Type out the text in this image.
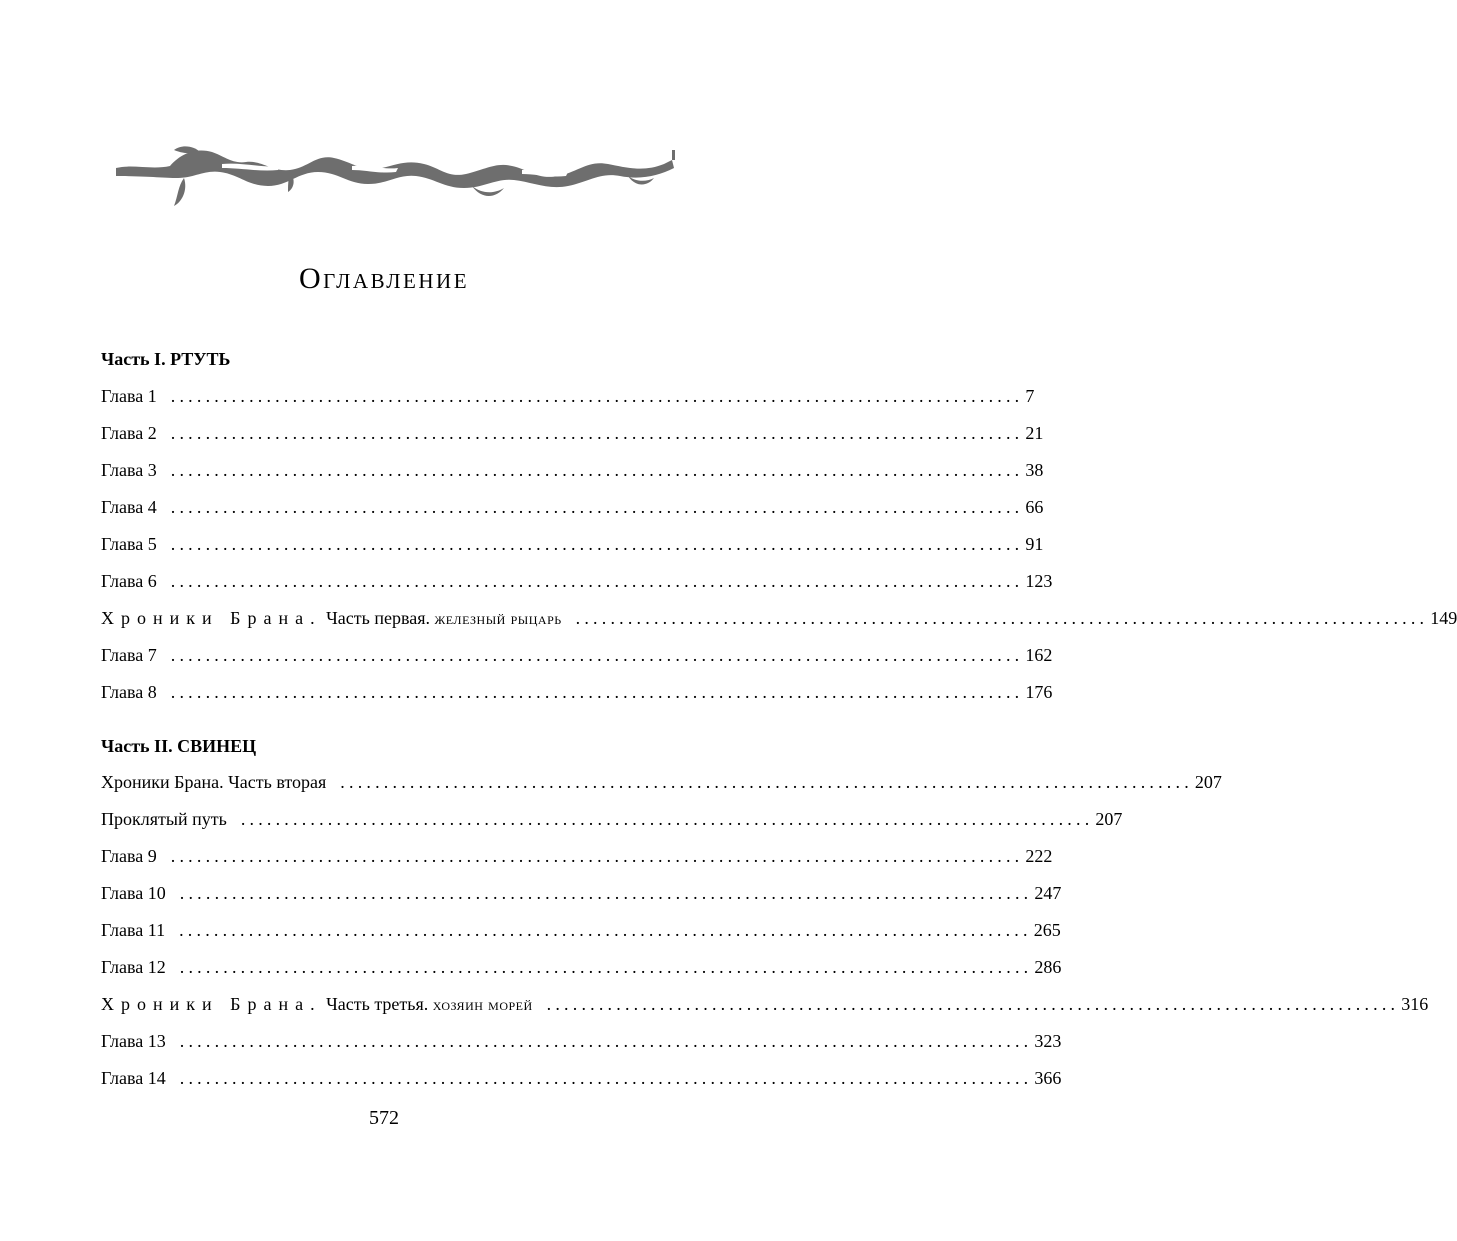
Оглавление
Часть I. РТУТЬ
Глава 1 .................................................................................................. 7
Глава 2 .................................................................................................. 21
Глава 3 .................................................................................................. 38
Глава 4 .................................................................................................. 66
Глава 5 .................................................................................................. 91
Глава 6 .................................................................................................. 123
Хроники Брана. Часть первая. железный рыцарь .................................................................................................. 149
Глава 7 .................................................................................................. 162
Глава 8 .................................................................................................. 176
Часть II. СВИНЕЦ
Хроники Брана. Часть вторая .................................................................................................. 207
Проклятый путь .................................................................................................. 207
Глава 9 .................................................................................................. 222
Глава 10 .................................................................................................. 247
Глава 11 .................................................................................................. 265
Глава 12 .................................................................................................. 286
Хроники Брана. Часть третья. хозяин морей .................................................................................................. 316
Глава 13 .................................................................................................. 323
Глава 14 .................................................................................................. 366
572
